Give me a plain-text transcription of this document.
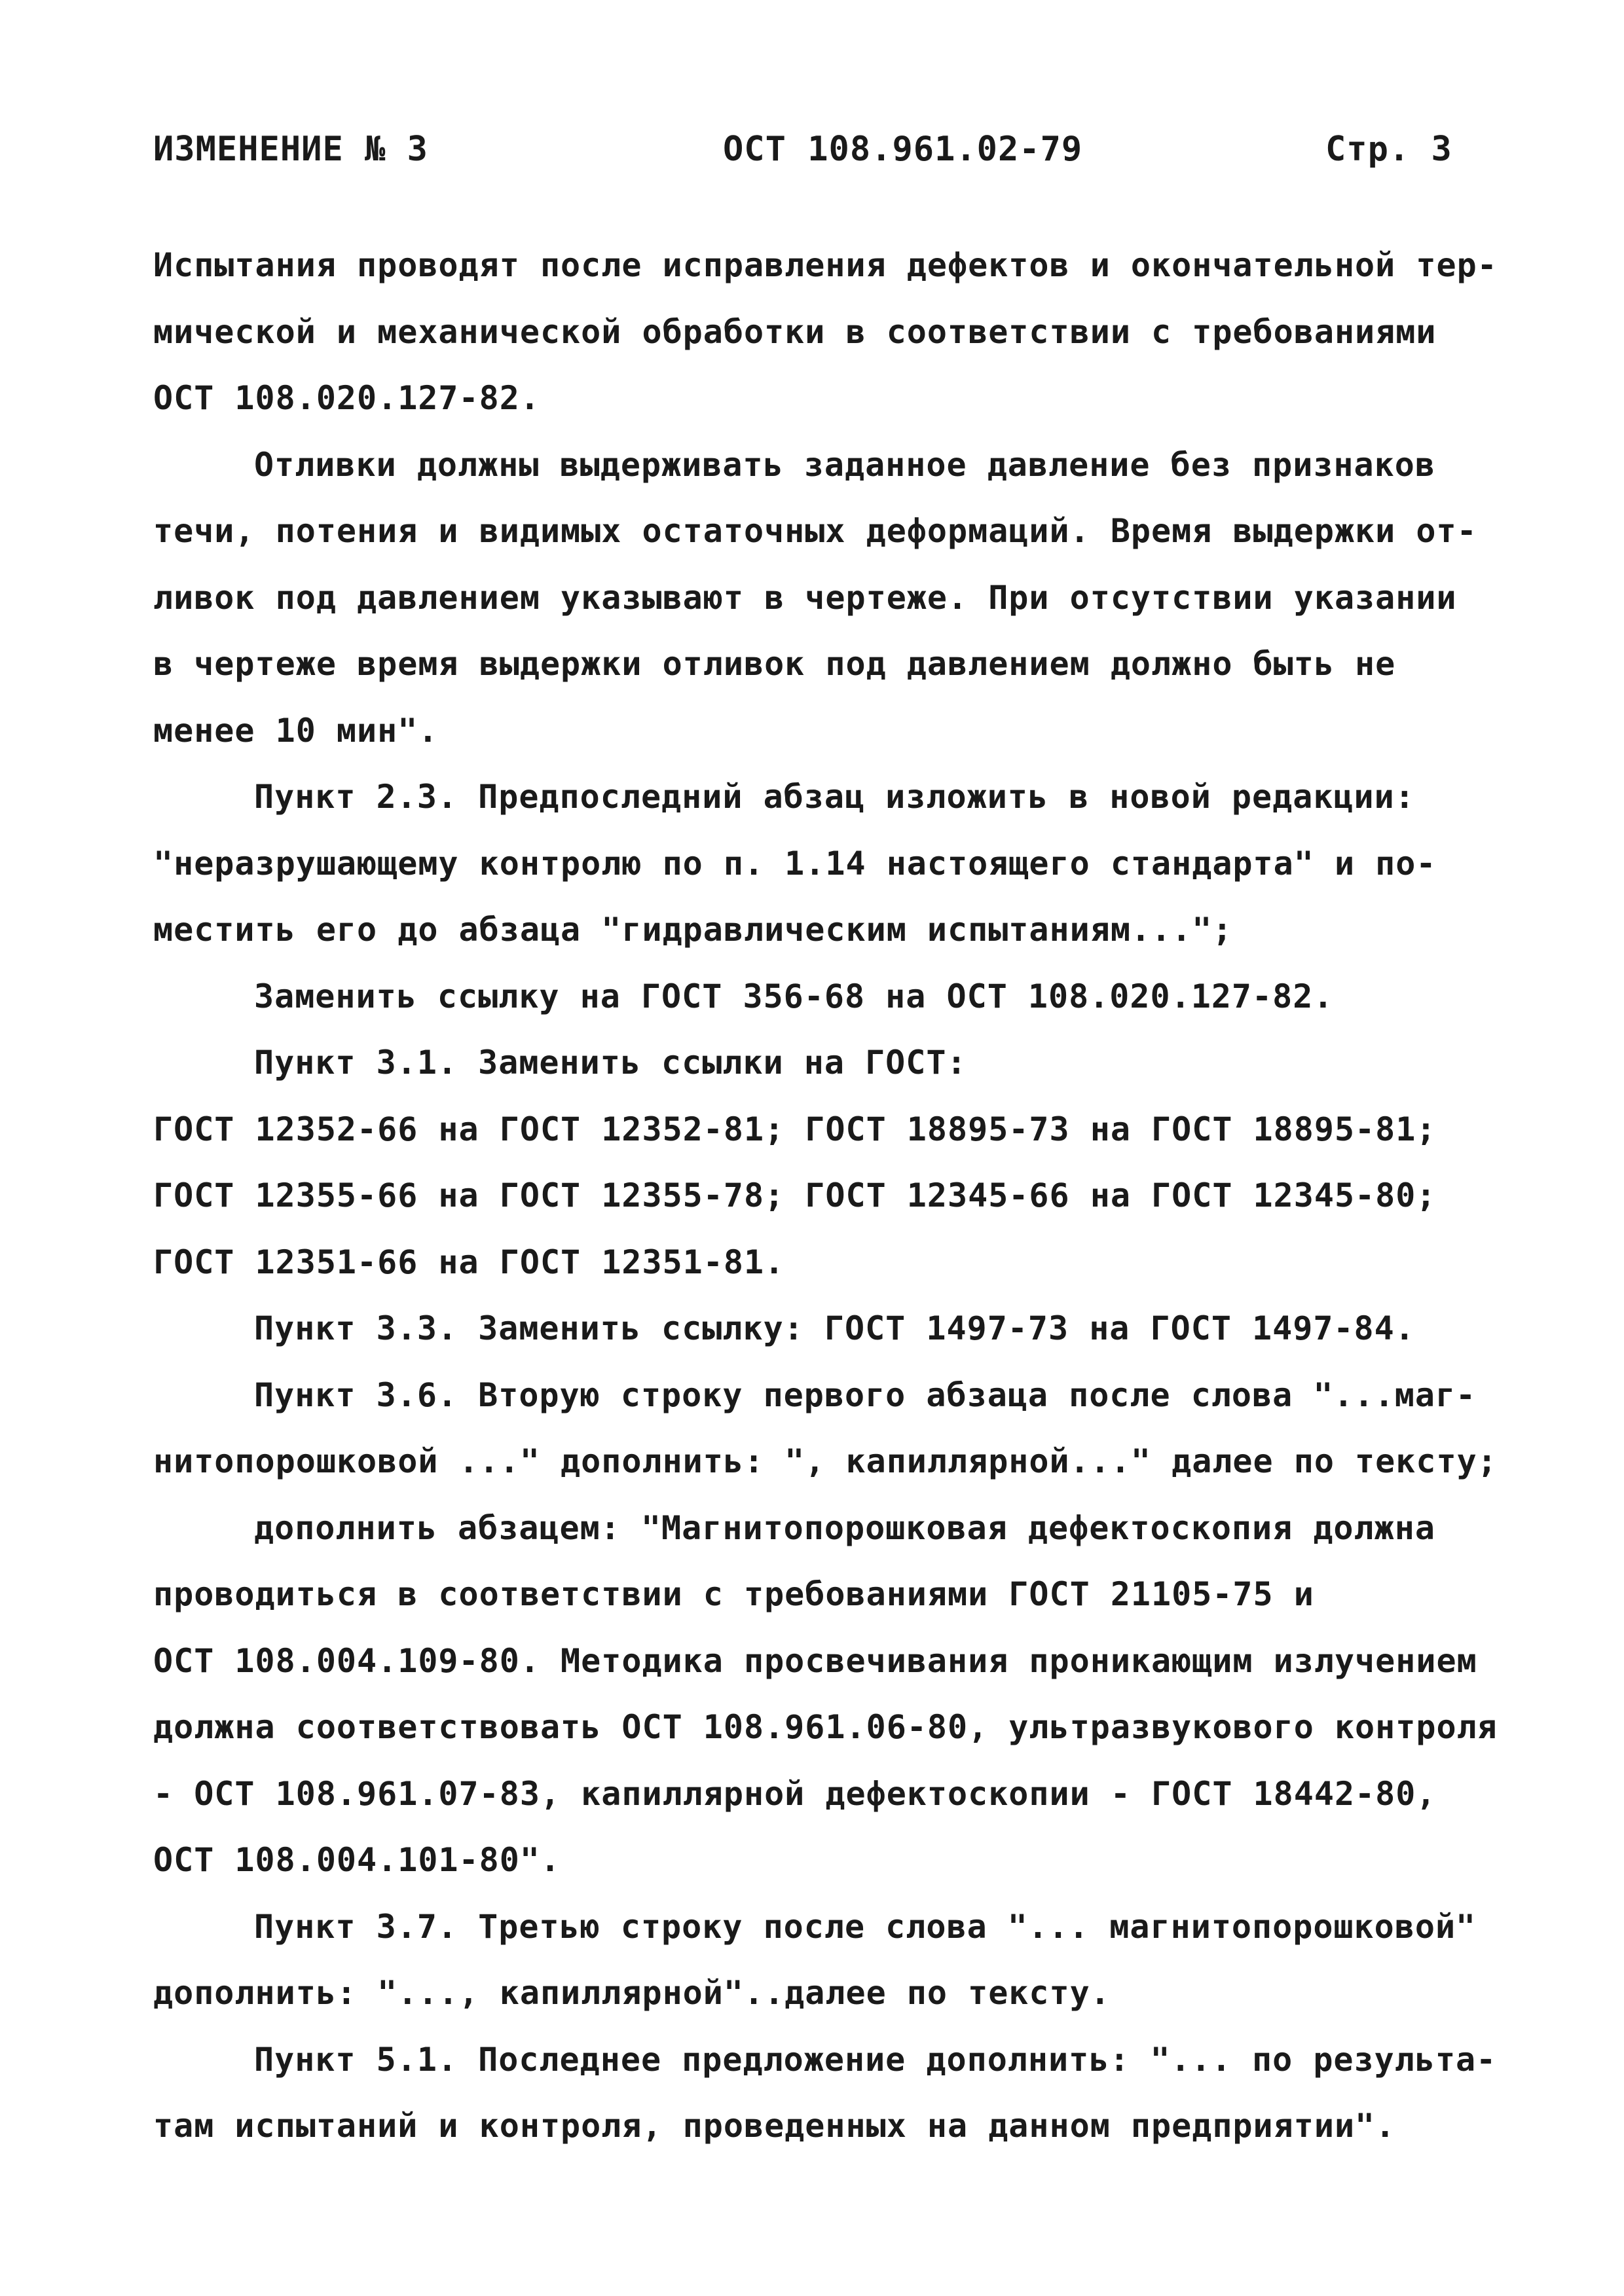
ИЗМЕНЕНИЕ № 3	ОСТ 108.961.02-79	Стр. 3
Испытания проводят после исправления дефектов и окончательной тер-
мической и механической обработки в соответствии с требованиями
ОСТ 108.020.127-82.
Отливки должны выдерживать заданное давление без признаков
течи, потения и видимых остаточных деформаций. Время выдержки от-
ливок под давлением указывают в чертеже. При отсутствии указании
в чертеже время выдержки отливок под давлением должно быть не
менее 10 мин".
Пункт 2.3. Предпоследний абзац изложить в новой редакции:
"неразрушающему контролю по п. 1.14 настоящего стандарта" и по-
местить его до абзаца "гидравлическим испытаниям...";
Заменить ссылку на ГОСТ 356-68 на ОСТ 108.020.127-82.
Пункт 3.1. Заменить ссылки на ГОСТ:
ГОСТ 12352-66 на ГОСТ 12352-81; ГОСТ 18895-73 на ГОСТ 18895-81;
ГОСТ 12355-66 на ГОСТ 12355-78; ГОСТ 12345-66 на ГОСТ 12345-80;
ГОСТ 12351-66 на ГОСТ 12351-81.
Пункт 3.3. Заменить ссылку: ГОСТ 1497-73 на ГОСТ 1497-84.
Пункт 3.6. Вторую строку первого абзаца после слова "...маг-
нитопорошковой ..." дополнить: ", капиллярной..." далее по тексту;
дополнить абзацем: "Магнитопорошковая дефектоскопия должна
проводиться в соответствии с требованиями ГОСТ 21105-75 и
ОСТ 108.004.109-80. Методика просвечивания проникающим излучением
должна соответствовать ОСТ 108.961.06-80, ультразвукового контроля
- ОСТ 108.961.07-83, капиллярной дефектоскопии - ГОСТ 18442-80,
ОСТ 108.004.101-80".
Пункт 3.7. Третью строку после слова "... магнитопорошковой"
дополнить: "..., капиллярной"..далее по тексту.
Пункт 5.1. Последнее предложение дополнить: "... по результа-
там испытаний и контроля, проведенных на данном предприятии".
